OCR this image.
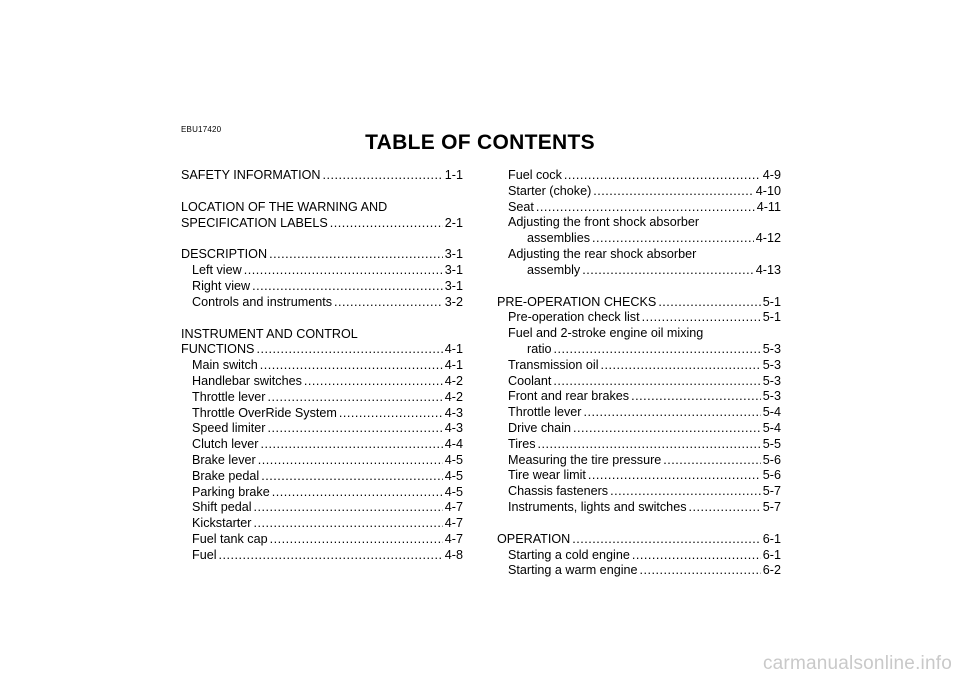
EBU17420
TABLE OF CONTENTS
SAFETY INFORMATION .....	1-1
LOCATION OF THE WARNING AND
SPECIFICATION LABELS .....	2-1
DESCRIPTION .....	3-1
Left view .....	3-1
Right view .....	3-1
Controls and instruments .....	3-2
INSTRUMENT AND CONTROL
FUNCTIONS .....	4-1
Main switch .....	4-1
Handlebar switches .....	4-2
Throttle lever .....	4-2
Throttle OverRide System .....	4-3
Speed limiter .....	4-3
Clutch lever .....	4-4
Brake lever .....	4-5
Brake pedal .....	4-5
Parking brake .....	4-5
Shift pedal .....	4-7
Kickstarter .....	4-7
Fuel tank cap .....	4-7
Fuel .....	4-8
Fuel cock .....	4-9
Starter (choke) .....	4-10
Seat .....	4-11
Adjusting the front shock absorber
assemblies .....	4-12
Adjusting the rear shock absorber
assembly .....	4-13
PRE-OPERATION CHECKS .....	5-1
Pre-operation check list .....	5-1
Fuel and 2-stroke engine oil mixing
ratio .....	5-3
Transmission oil .....	5-3
Coolant .....	5-3
Front and rear brakes .....	5-3
Throttle lever .....	5-4
Drive chain .....	5-4
Tires .....	5-5
Measuring the tire pressure .....	5-6
Tire wear limit .....	5-6
Chassis fasteners .....	5-7
Instruments, lights and switches .....	5-7
OPERATION .....	6-1
Starting a cold engine .....	6-1
Starting a warm engine .....	6-2
carmanualsonline.info
